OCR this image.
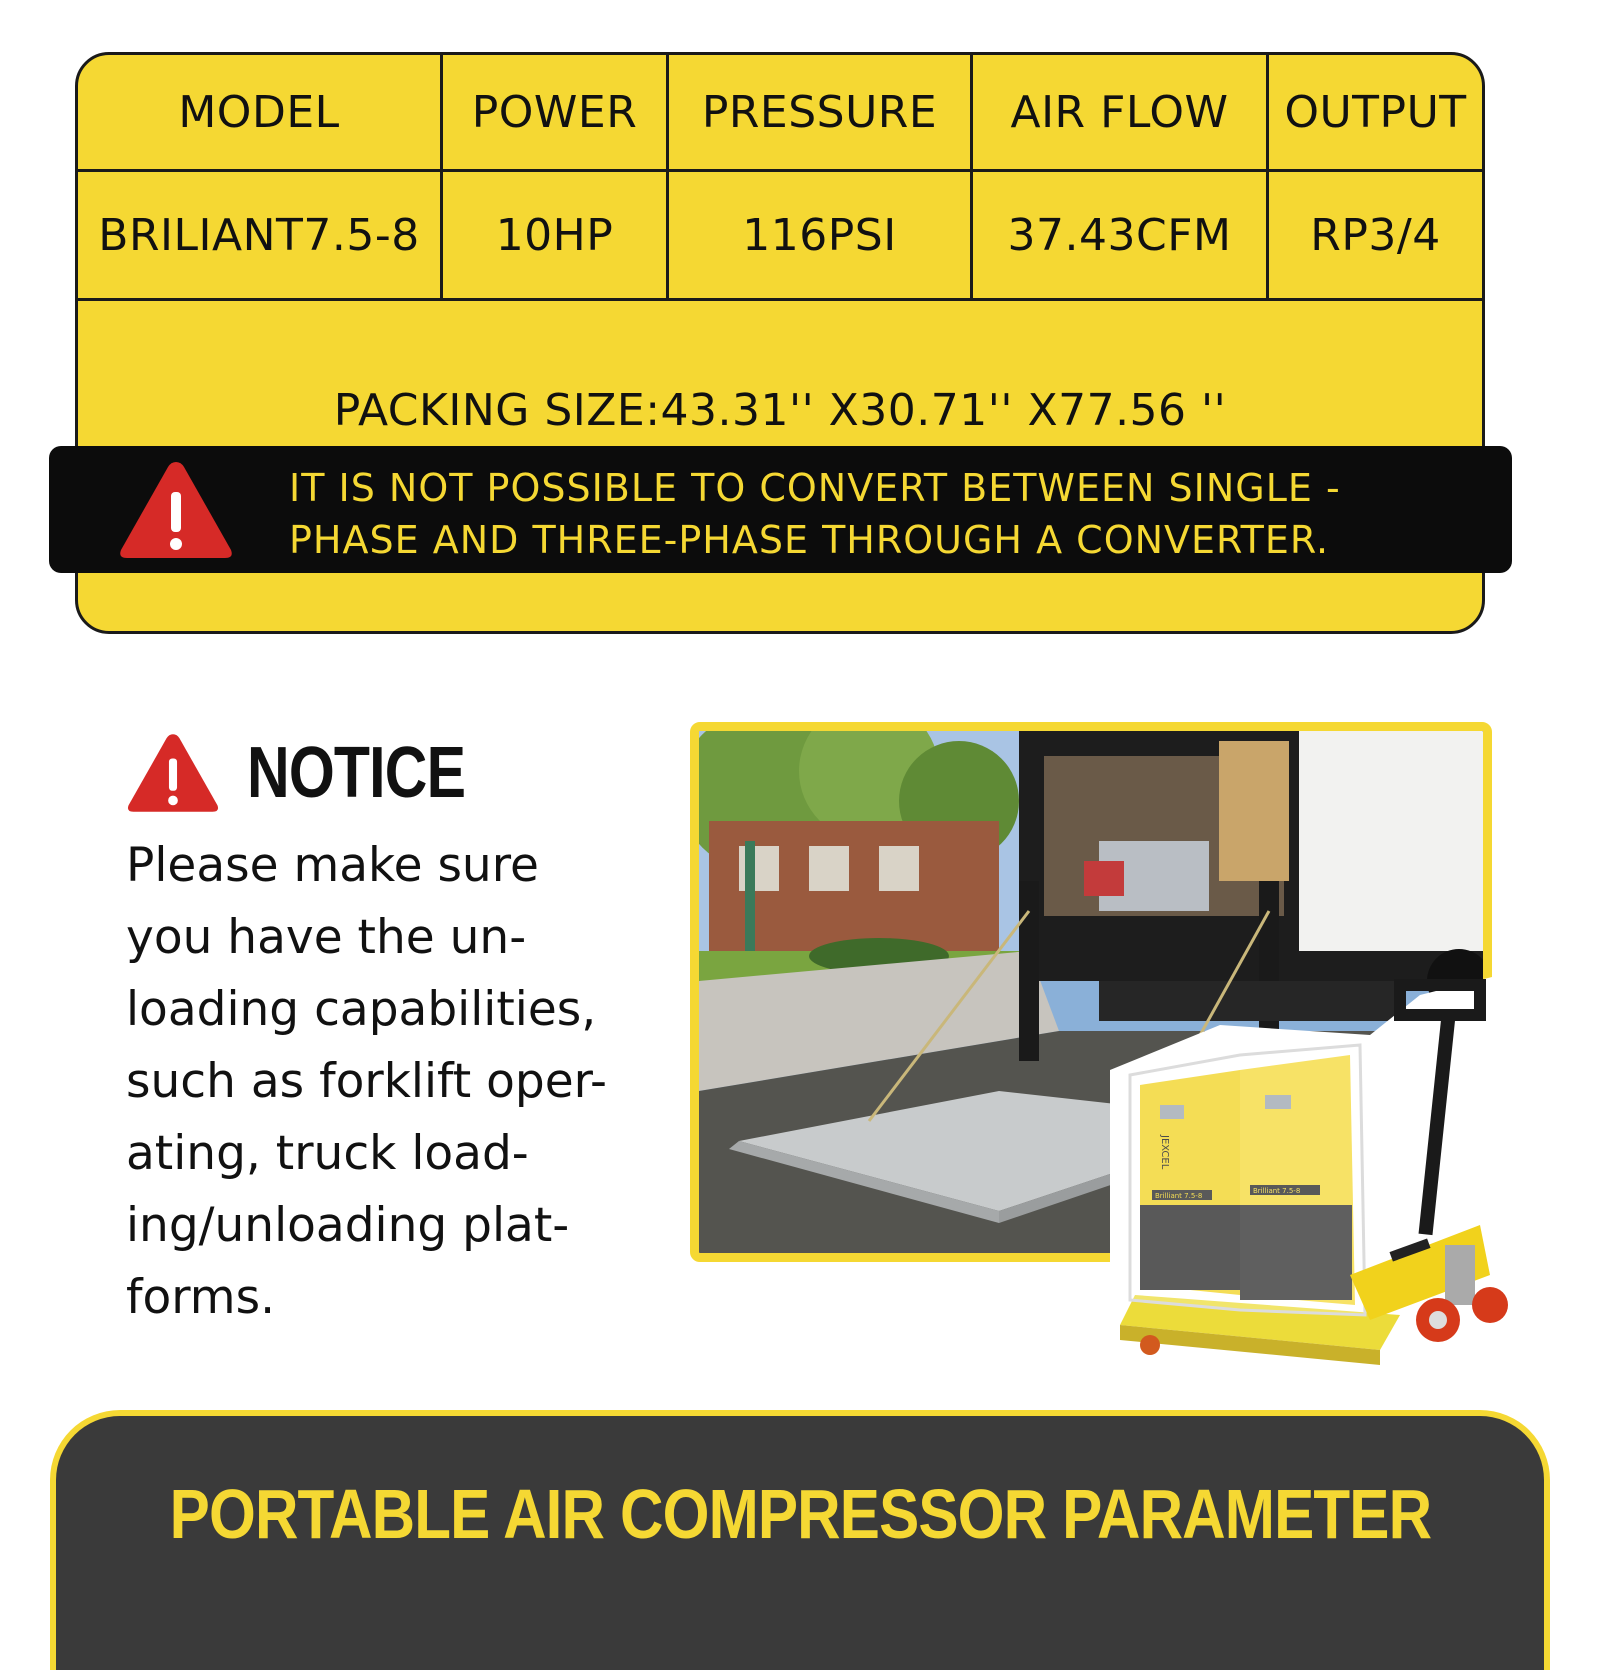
MODEL	POWER	PRESSURE	AIR FLOW	OUTPUT
BRILIANT7.5-8	10HP	116PSI	37.43CFM	RP3/4
PACKING SIZE:43.31'' X30.71'' X77.56 ''
IT IS NOT POSSIBLE TO CONVERT BETWEEN SINGLE -
PHASE AND THREE-PHASE THROUGH A CONVERTER.
NOTICE
Please make sure
you have the un-
loading capabilities,
such as forklift oper-
ating, truck load-
ing/unloading plat-
forms.
JEXCEL
Brilliant 7.5-8
Brilliant 7.5-8
PORTABLE AIR COMPRESSOR PARAMETER
